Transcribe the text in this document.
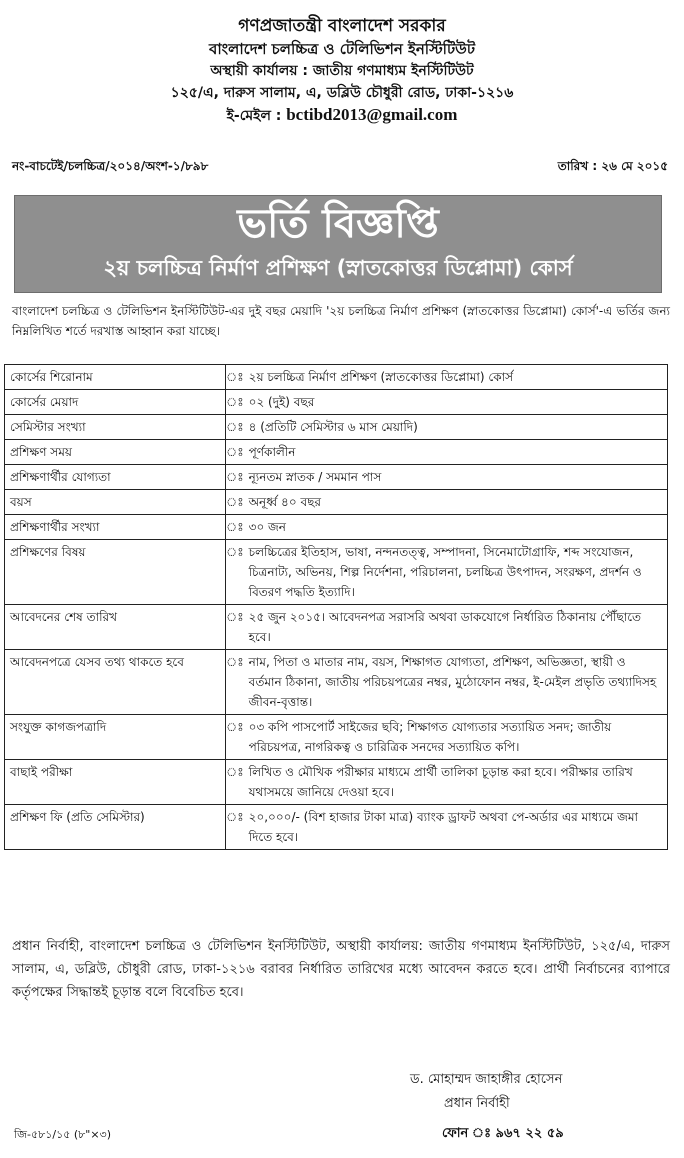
গণপ্রজাতন্ত্রী বাংলাদেশ সরকার
বাংলাদেশ চলচ্চিত্র ও টেলিভিশন ইনস্টিটিউট
অস্থায়ী কার্যালয় : জাতীয় গণমাধ্যম ইনস্টিটিউট
১২৫/এ, দারুস সালাম, এ, ডব্লিউ চৌধুরী রোড, ঢাকা-১২১৬
ই-মেইল : bctibd2013@gmail.com
নং-বাচটেই/চলচ্চিত্র/২০১৪/অংশ-১/৮৯৮	তারিখ : ২৬ মে ২০১৫
ভর্তি বিজ্ঞপ্তি
২য় চলচ্চিত্র নির্মাণ প্রশিক্ষণ (স্নাতকোত্তর ডিপ্লোমা) কোর্স
বাংলাদেশ চলচ্চিত্র ও টেলিভিশন ইনস্টিটিউট-এর দুই বছর মেয়াদি '২য় চলচ্চিত্র নির্মাণ প্রশিক্ষণ (স্নাতকোত্তর ডিপ্লোমা) কোর্স'-এ ভর্তির জন্য নিম্নলিখিত শর্তে দরখাস্ত আহ্বান করা যাচ্ছে।
কোর্সের শিরোনাম	ঃ	২য় চলচ্চিত্র নির্মাণ প্রশিক্ষণ (স্নাতকোত্তর ডিপ্লোমা) কোর্স
কোর্সের মেয়াদ	ঃ	০২ (দুই) বছর
সেমিস্টার সংখ্যা	ঃ	৪ (প্রতিটি সেমিস্টার ৬ মাস মেয়াদি)
প্রশিক্ষণ সময়	ঃ	পূর্ণকালীন
প্রশিক্ষণার্থীর যোগ্যতা	ঃ	ন্যূনতম স্নাতক / সমমান পাস
বয়স	ঃ	অনূর্ধ্ব ৪০ বছর
প্রশিক্ষণার্থীর সংখ্যা	ঃ	৩০ জন
প্রশিক্ষণের বিষয়	ঃ	চলচ্চিত্রের ইতিহাস, ভাষা, নন্দনতত্ত্ব, সম্পাদনা, সিনেমাটোগ্রাফি, শব্দ সংযোজন, চিত্রনাট্য, অভিনয়, শিল্প নির্দেশনা, পরিচালনা, চলচ্চিত্র উৎপাদন, সংরক্ষণ, প্রদর্শন ও বিতরণ পদ্ধতি ইত্যাদি।
আবেদনের শেষ তারিখ	ঃ	২৫ জুন ২০১৫। আবেদনপত্র সরাসরি অথবা ডাকযোগে নির্ধারিত ঠিকানায় পৌঁছাতে হবে।
আবেদনপত্রে যেসব তথ্য থাকতে হবে	ঃ	নাম, পিতা ও মাতার নাম, বয়স, শিক্ষাগত যোগ্যতা, প্রশিক্ষণ, অভিজ্ঞতা, স্থায়ী ও বর্তমান ঠিকানা, জাতীয় পরিচয়পত্রের নম্বর, মুঠোফোন নম্বর, ই-মেইল প্রভৃতি তথ্যাদিসহ জীবন-বৃত্তান্ত।
সংযুক্ত কাগজপত্রাদি	ঃ	০৩ কপি পাসপোর্ট সাইজের ছবি; শিক্ষাগত যোগ্যতার সত্যায়িত সনদ; জাতীয় পরিচয়পত্র, নাগরিকত্ব ও চারিত্রিক সনদের সত্যায়িত কপি।
বাছাই পরীক্ষা	ঃ	লিখিত ও মৌখিক পরীক্ষার মাধ্যমে প্রার্থী তালিকা চূড়ান্ত করা হবে। পরীক্ষার তারিখ যথাসময়ে জানিয়ে দেওয়া হবে।
প্রশিক্ষণ ফি (প্রতি সেমিস্টার)	ঃ	২০,০০০/- (বিশ হাজার টাকা মাত্র) ব্যাংক ড্রাফট অথবা পে-অর্ডার এর মাধ্যমে জমা দিতে হবে।
প্রধান নির্বাহী, বাংলাদেশ চলচ্চিত্র ও টেলিভিশন ইনস্টিটিউট, অস্থায়ী কার্যালয়: জাতীয় গণমাধ্যম ইনস্টিটিউট, ১২৫/এ, দারুস সালাম, এ, ডব্লিউ, চৌধুরী রোড, ঢাকা-১২১৬ বরাবর নির্ধারিত তারিখের মধ্যে আবেদন করতে হবে। প্রার্থী নির্বাচনের ব্যাপারে কর্তৃপক্ষের সিদ্ধান্তই চূড়ান্ত বলে বিবেচিত হবে।
ড. মোহাম্মদ জাহাঙ্গীর হোসেন
প্রধান নির্বাহী
ফোন ঃ ৯৬৭ ২২ ৫৯
জি-৫৮১/১৫ (৮"×৩)
